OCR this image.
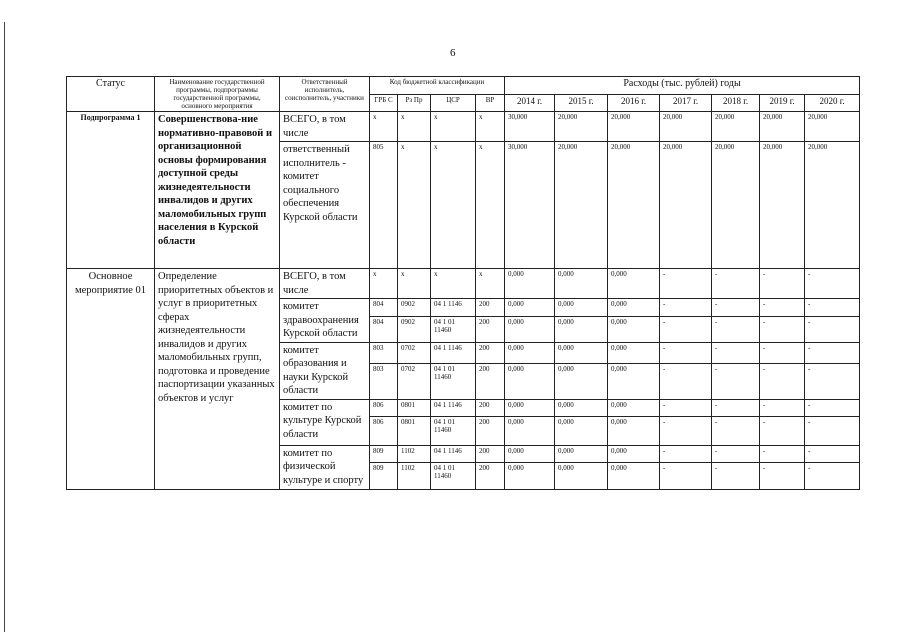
6
Статус	Наименование государственной программы, подпрограммы государственной программы, основного мероприятия	Ответственный исполнитель, соисполнитель, участники	Код бюджетной классификации				Расходы (тыс. рублей) годы						
			ГРБ С	Рз Пр	ЦСР	ВР	2014 г.	2015 г.	2016 г.	2017 г.	2018 г.	2019 г.	2020 г.
Подпрограмма 1	Совершенствова-ние нормативно-правовой и организационной основы формирования доступной среды жизнедеятельности инвалидов и других маломобильных групп населения в Курской области	ВСЕГО, в том числе	х	х	х	х	30,000	20,000	20,000	20,000	20,000	20,000	20,000
		ответственный исполнитель - комитет социального обеспечения Курской области	805	х	х	х	30,000	20,000	20,000	20,000	20,000	20,000	20,000
Основное мероприятие 01	Определение приоритетных объектов и услуг в приоритетных сферах жизнедеятельности инвалидов и других маломобильных групп, подготовка и проведение паспортизации указанных объектов и услуг	ВСЕГО, в том числе	х	х	х	х	0,000	0,000	0,000	-	-	-	-
		комитет здравоохранения Курской области	804	0902	04 1 1146	200	0,000	0,000	0,000	-	-	-	-
			804	0902	04 1 01 11460	200	0,000	0,000	0,000	-	-	-	-
		комитет образования и науки Курской области	803	0702	04 1 1146	200	0,000	0,000	0,000	-	-	-	-
			803	0702	04 1 01 11460	200	0,000	0,000	0,000	-	-	-	-
		комитет по культуре Курской области	806	0801	04 1 1146	200	0,000	0,000	0,000	-	-	-	-
			806	0801	04 1 01 11460	200	0,000	0,000	0,000	-	-	-	-
		комитет по физической культуре и спорту	809	1102	04 1 1146	200	0,000	0,000	0,000	-	-	-	-
			809	1102	04 1 01 11460	200	0,000	0,000	0,000	-	-	-	-
